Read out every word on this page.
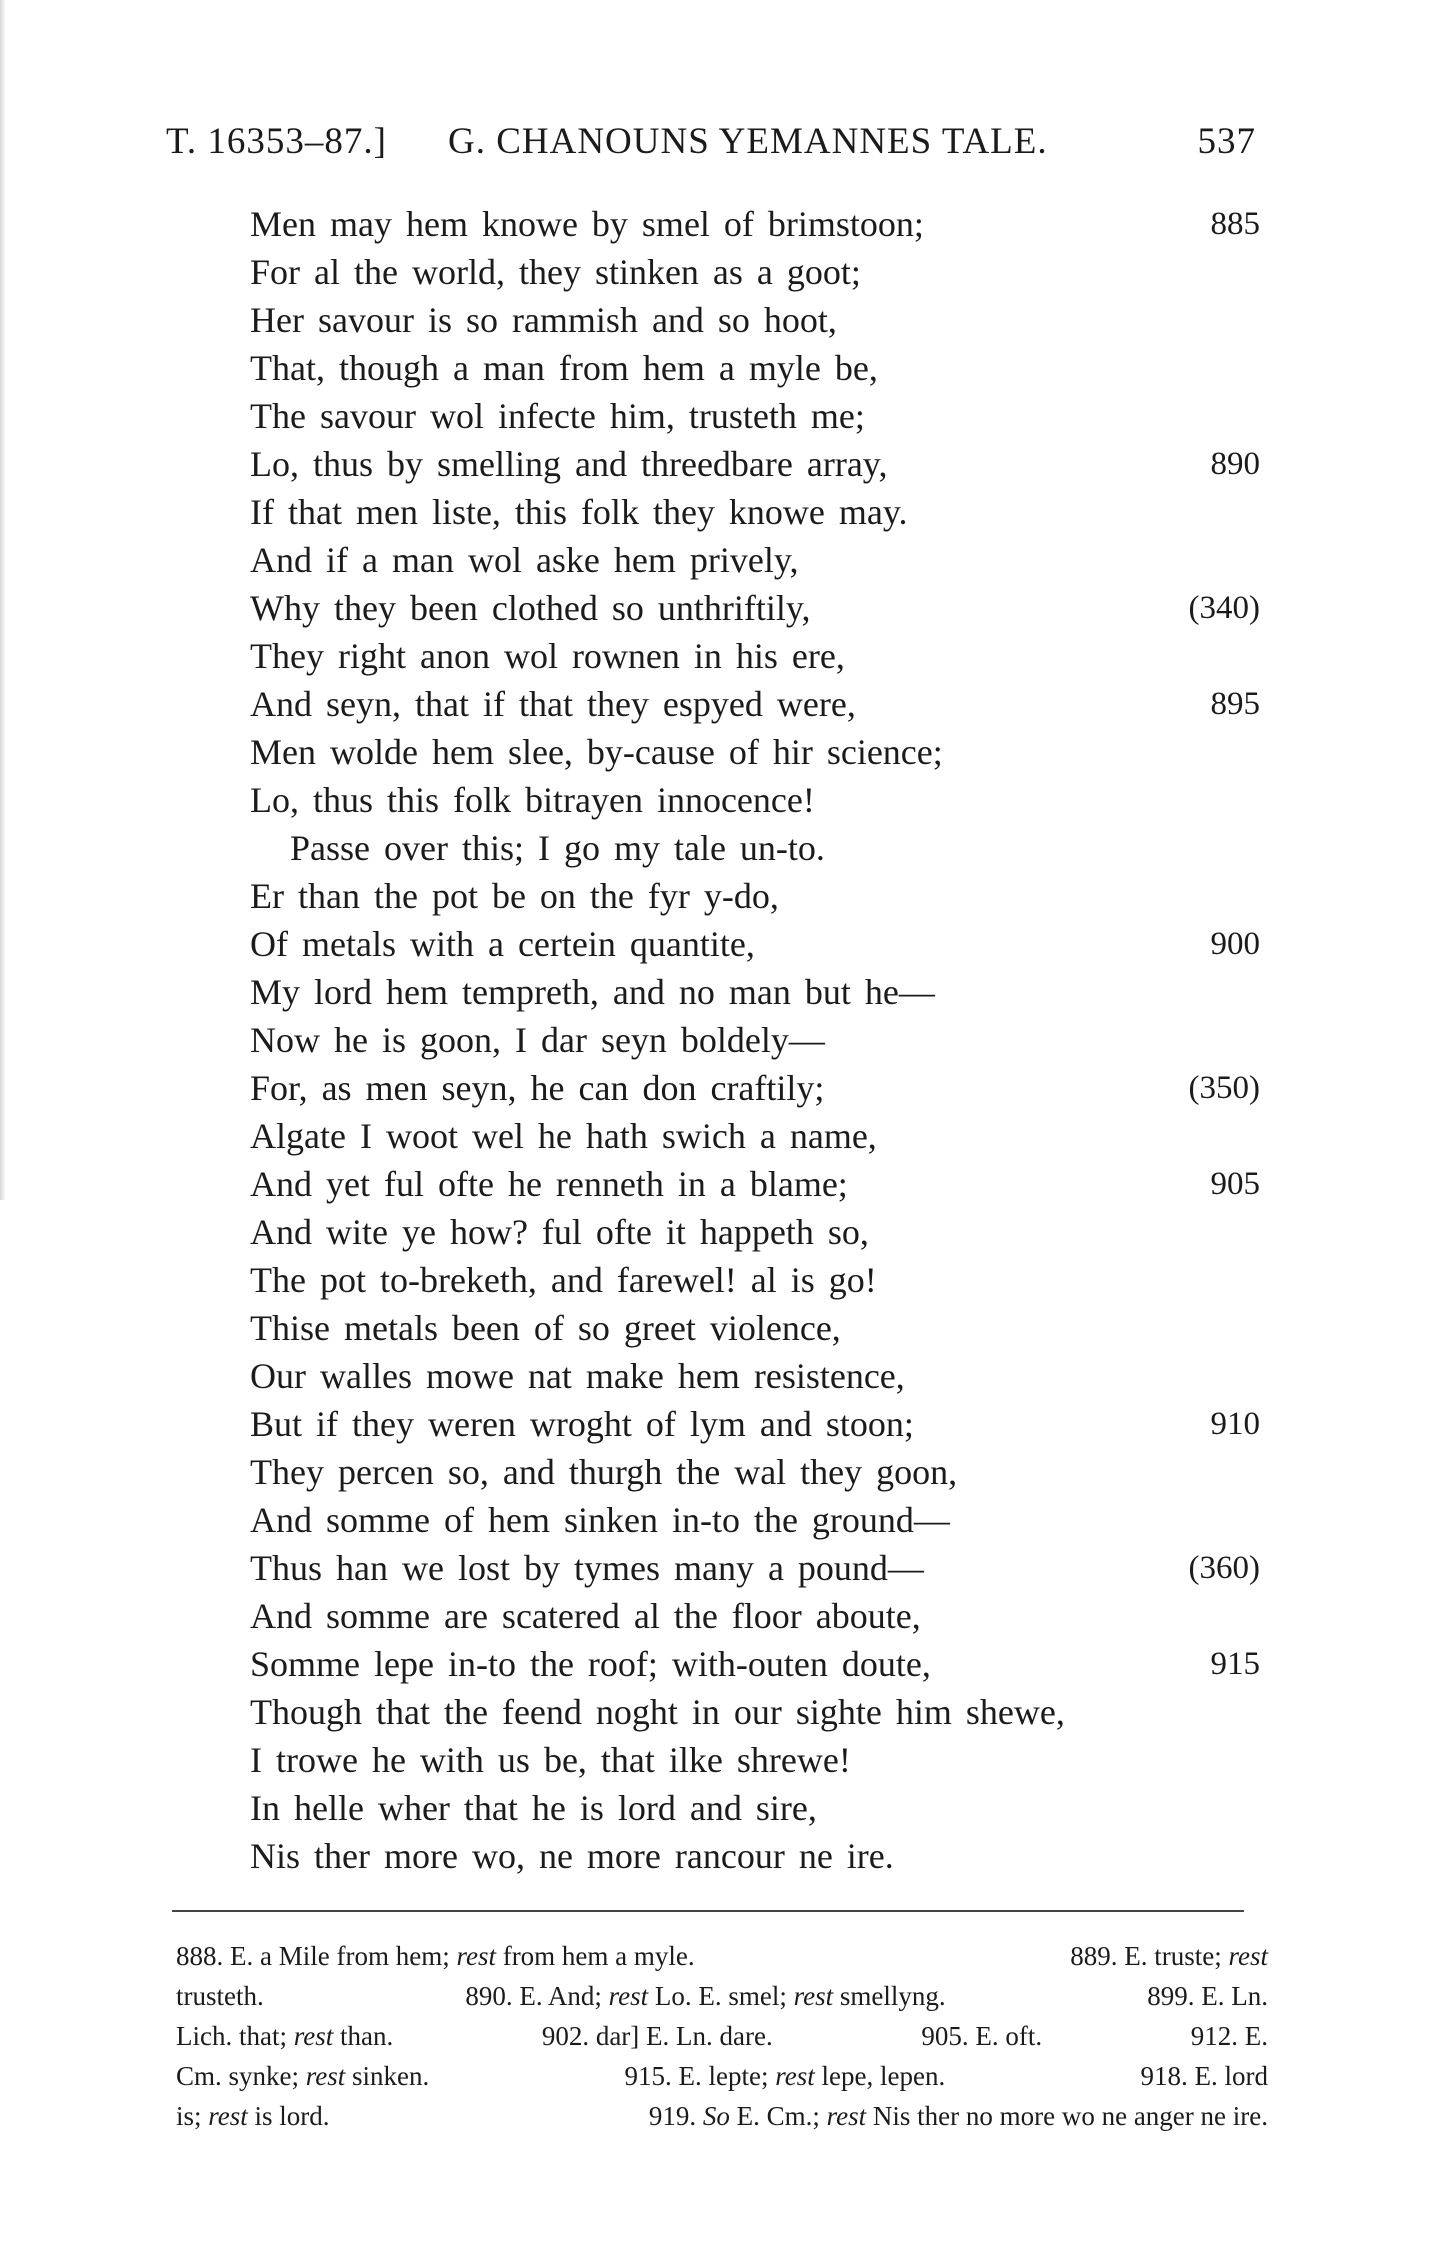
T. 16353–87.] G. CHANOUNS YEMANNES TALE.	537
Men may hem knowe by smel of brimstoon;	885
For al the world, they stinken as a goot;
Her savour is so rammish and so hoot,
That, though a man from hem a myle be,
The savour wol infecte him, trusteth me;
Lo, thus by smelling and threedbare array,	890
If that men liste, this folk they knowe may.
And if a man wol aske hem prively,
Why they been clothed so unthriftily,	(340)
They right anon wol rownen in his ere,
And seyn, that if that they espyed were,	895
Men wolde hem slee, by-cause of hir science;
Lo, thus this folk bitrayen innocence!
Passe over this; I go my tale un-to.
Er than the pot be on the fyr y-do,
Of metals with a certein quantite,	900
My lord hem tempreth, and no man but he—
Now he is goon, I dar seyn boldely—
For, as men seyn, he can don craftily;	(350)
Algate I woot wel he hath swich a name,
And yet ful ofte he renneth in a blame;	905
And wite ye how? ful ofte it happeth so,
The pot to-breketh, and farewel! al is go!
Thise metals been of so greet violence,
Our walles mowe nat make hem resistence,
But if they weren wroght of lym and stoon;	910
They percen so, and thurgh the wal they goon,
And somme of hem sinken in-to the ground—
Thus han we lost by tymes many a pound—	(360)
And somme are scatered al the floor aboute,
Somme lepe in-to the roof; with-outen doute,	915
Though that the feend noght in our sighte him shewe,
I trowe he with us be, that ilke shrewe!
In helle wher that he is lord and sire,
Nis ther more wo, ne more rancour ne ire.
888. E. a Mile from hem; rest from hem a myle.	889. E. truste; rest
trusteth.	890. E. And; rest Lo. E. smel; rest smellyng.	899. E. Ln.
Lich. that; rest than.	902. dar] E. Ln. dare.	905. E. oft.	912. E.
Cm. synke; rest sinken.	915. E. lepte; rest lepe, lepen.	918. E. lord
is; rest is lord.	919. So E. Cm.; rest Nis ther no more wo ne anger ne ire.
